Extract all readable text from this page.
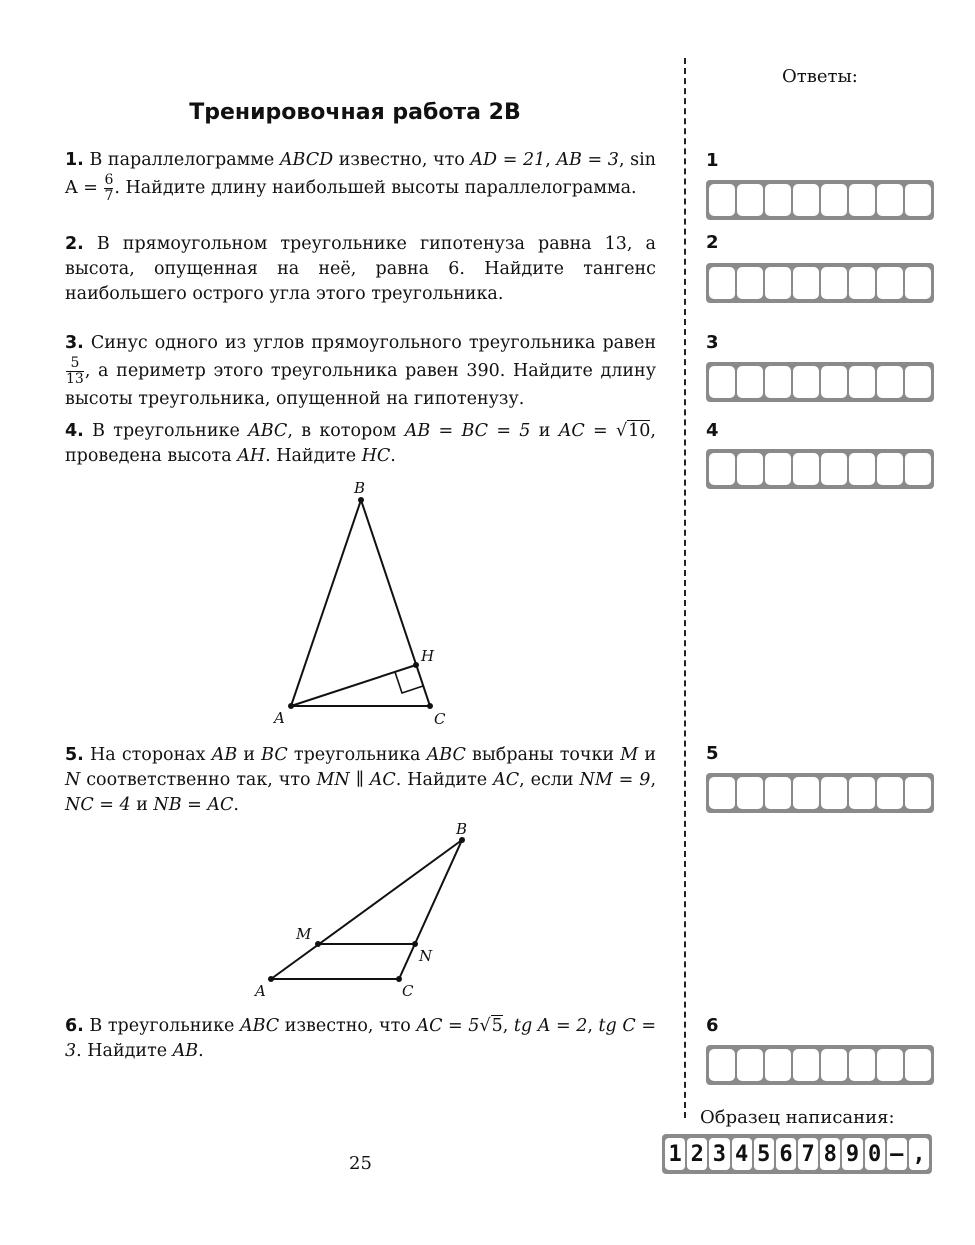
Тренировочная работа 2В
1. В параллелограмме ABCD известно, что AD = 21, AB = 3, $\sin A = \frac{6}{7}$ . Найдите длину наибольшей высоты параллелограмма.
2. В прямоугольном треугольнике гипотенуза равна 13, а высота, опущенная на неё, равна 6. Найдите тангенс наибольшего острого угла этого треугольника.
3. Синус одного из углов прямоугольного треугольника равен
$\frac{5}{13}$ , а периметр этого треугольника равен 390. Найдите длину высоты треугольника, опущенной на гипотенузу.
4. В треугольнике ABC, в котором AB = BC = 5 и AC = √10, проведена высота AH. Найдите HC.
A
B
C
H
5. На сторонах AB и BC треугольника ABC выбраны точки M и N соответственно так, что MN ∥ AC. Найдите AC, если NM = 9, NC = 4 и NB = AC.
A
B
C
M
N
6. В треугольнике ABC известно, что AC = 5√5, tg A = 2, tg C = 3. Найдите AB.
Ответы:
1
2
3
4
5
6
Образец написания:
1 2 3 4 5 6 7 8 9 0 – ,
25
